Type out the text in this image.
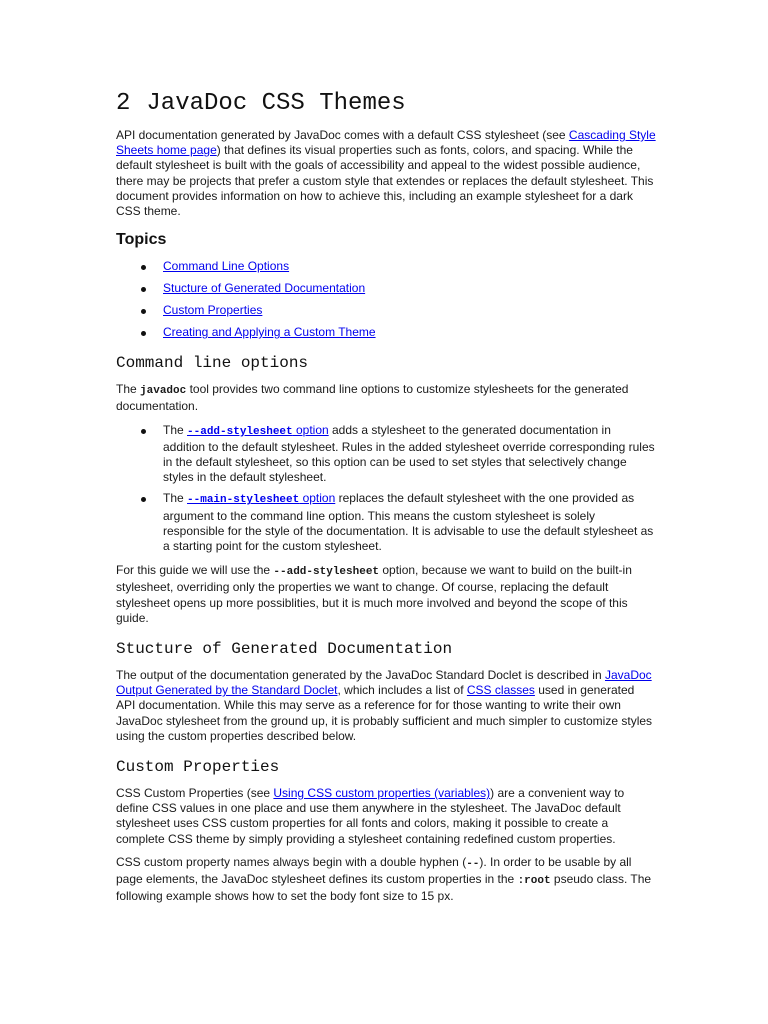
2 JavaDoc CSS Themes

API documentation generated by JavaDoc comes with a default CSS stylesheet (see Cascading Style Sheets home page) that defines its visual properties such as fonts, colors, and spacing. While the default stylesheet is built with the goals of accessibility and appeal to the widest possible audience, there may be projects that prefer a custom style that extendes or replaces the default stylesheet. This document provides information on how to achieve this, including an example stylesheet for a dark CSS theme.

Topics
Command Line Options
Stucture of Generated Documentation
Custom Properties
Creating and Applying a Custom Theme
Command line options

The javadoc tool provides two command line options to customize stylesheets for the generated documentation.

The --add-stylesheet option adds a stylesheet to the generated documentation in addition to the default stylesheet. Rules in the added stylesheet override corresponding rules in the default stylesheet, so this option can be used to set styles that selectively change styles in the default stylesheet.
The --main-stylesheet option replaces the default stylesheet with the one provided as argument to the command line option. This means the custom stylesheet is solely responsible for the style of the documentation. It is advisable to use the default stylesheet as a starting point for the custom stylesheet.

For this guide we will use the --add-stylesheet option, because we want to build on the built-in stylesheet, overriding only the properties we want to change. Of course, replacing the default stylesheet opens up more possiblities, but it is much more involved and beyond the scope of this guide.

Stucture of Generated Documentation

The output of the documentation generated by the JavaDoc Standard Doclet is described in JavaDoc Output Generated by the Standard Doclet, which includes a list of CSS classes used in generated API documentation. While this may serve as a reference for for those wanting to write their own JavaDoc stylesheet from the ground up, it is probably sufficient and much simpler to customize styles using the custom properties described below.

Custom Properties

CSS Custom Properties (see Using CSS custom properties (variables)) are a convenient way to define CSS values in one place and use them anywhere in the stylesheet. The JavaDoc default stylesheet uses CSS custom properties for all fonts and colors, making it possible to create a complete CSS theme by simply providing a stylesheet containing redefined custom properties.

CSS custom property names always begin with a double hyphen (--). In order to be usable by all page elements, the JavaDoc stylesheet defines its custom properties in the :root pseudo class. The following example shows how to set the body font size to 15 px.
